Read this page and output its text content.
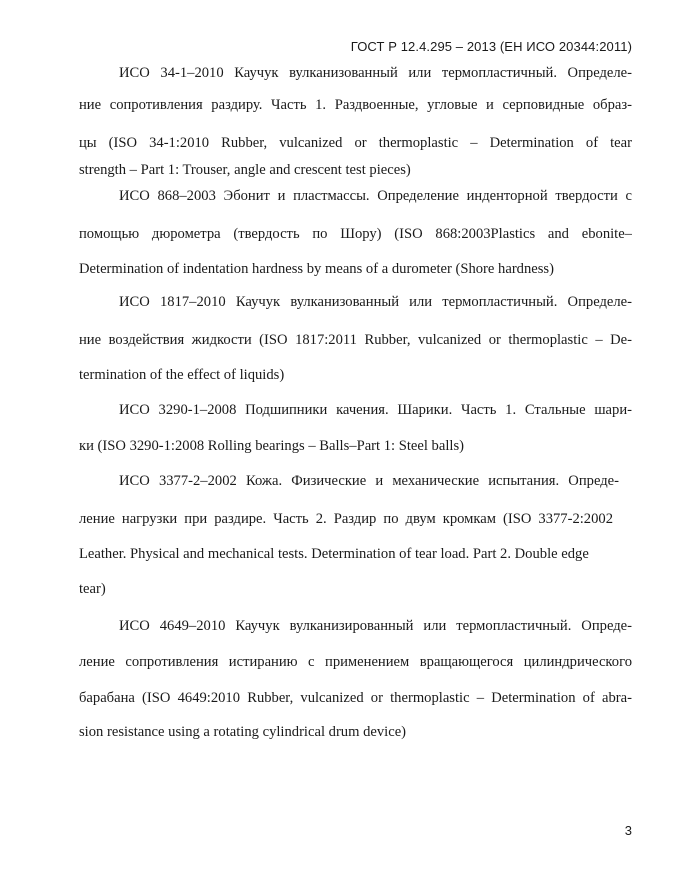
ГОСТ Р 12.4.295 – 2013 (ЕН ИСО 20344:2011)
ИСО 34-1–2010 Каучук вулканизованный или термопластичный. Определе-
ние сопротивления раздиру. Часть 1. Раздвоенные, угловые и серповидные образ-
цы (ISO 34-1:2010 Rubber, vulcanized or thermoplastic – Determination of tear
strength – Part 1: Trouser, angle and crescent test pieces)
ИСО 868–2003 Эбонит и пластмассы. Определение инденторной твердости с
помощью дюрометра (твердость по Шору) (ISO 868:2003Plastics and ebonite–
Determination of indentation hardness by means of a durometer (Shore hardness)
ИСО 1817–2010 Каучук вулканизованный или термопластичный. Определе-
ние воздействия жидкости (ISO 1817:2011 Rubber, vulcanized or thermoplastic – De-
termination of the effect of liquids)
ИСО 3290-1–2008 Подшипники качения. Шарики. Часть 1. Стальные шари-
ки (ISO 3290-1:2008 Rolling bearings – Balls–Part 1: Steel balls)
ИСО 3377-2–2002 Кожа. Физические и механические испытания. Опреде-
ление нагрузки при раздире. Часть 2. Раздир по двум кромкам (ISO 3377-2:2002
Leather. Physical and mechanical tests. Determination of tear load. Part 2. Double edge
tear)
ИСО 4649–2010 Каучук вулканизированный или термопластичный. Опреде-
ление сопротивления истиранию с применением вращающегося цилиндрического
барабана (ISO 4649:2010 Rubber, vulcanized or thermoplastic – Determination of abra-
sion resistance using a rotating cylindrical drum device)
3
